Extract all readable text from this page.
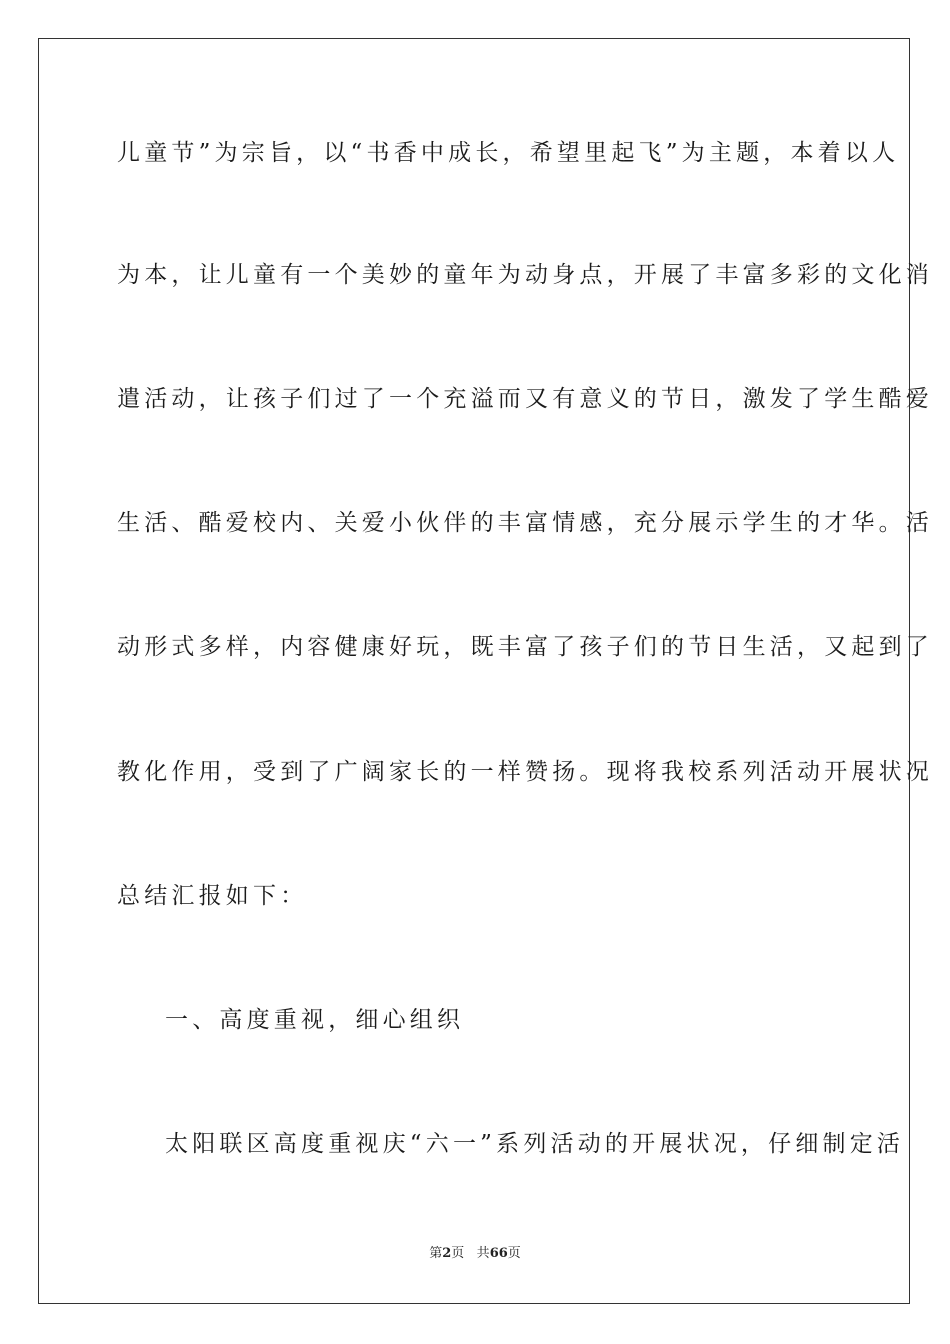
儿童节”为宗旨，以“书香中成长，希望里起飞”为主题，本着以人
为本，让儿童有一个美妙的童年为动身点，开展了丰富多彩的文化消
遣活动，让孩子们过了一个充溢而又有意义的节日，激发了学生酷爱
生活、酷爱校内、关爱小伙伴的丰富情感，充分展示学生的才华。活
动形式多样，内容健康好玩，既丰富了孩子们的节日生活，又起到了
教化作用，受到了广阔家长的一样赞扬。现将我校系列活动开展状况
总结汇报如下：
一、高度重视，细心组织
太阳联区高度重视庆“六一”系列活动的开展状况，仔细制定活
第2页 共66页
